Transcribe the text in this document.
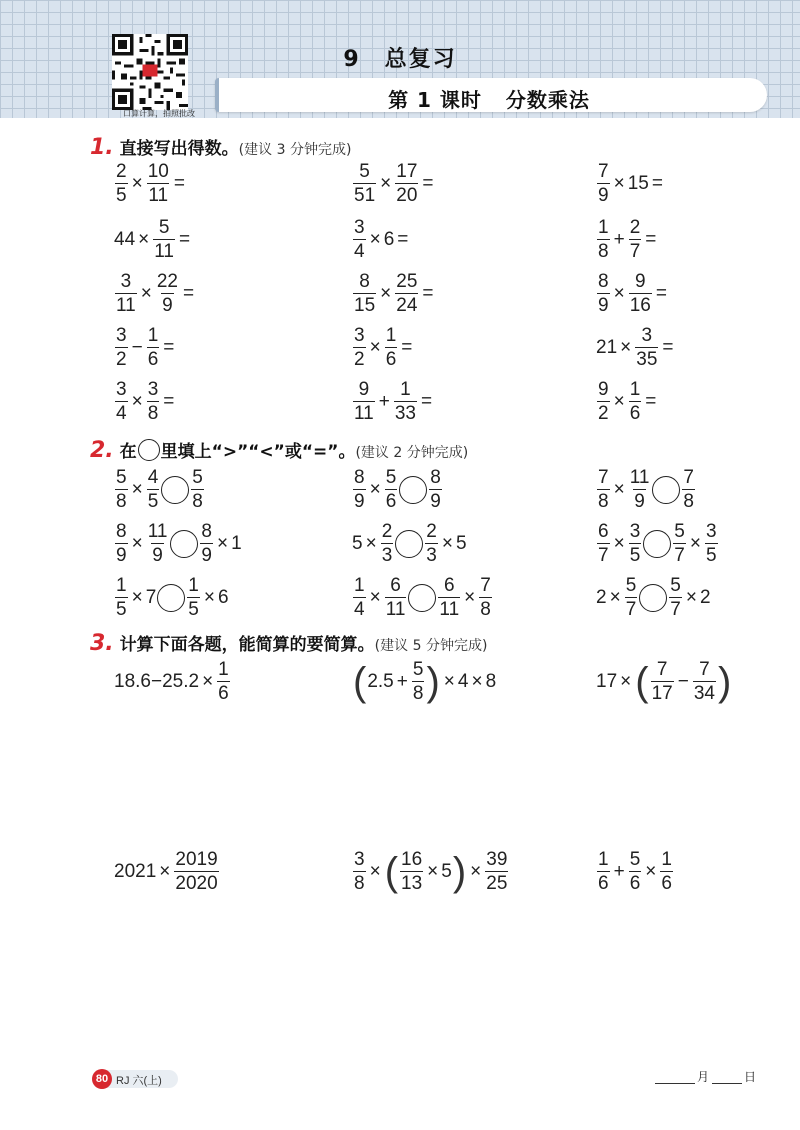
口算计算，拍照批改
9 总复习
第 1 课时 分数乘法
1. 直接写出得数。(建议 3 分钟完成)
2. 在 里填上“>”“<”或“=”。(建议 2 分钟完成)
3. 计算下面各题，能简算的要简算。(建议 5 分钟完成)
$\frac{2}{5} \times \frac{10}{11}$ =	$\frac{5}{51} \times \frac{17}{20}$ =	$\frac{7}{9} \times 15$ =
$44 \times \frac{5}{11}$ =	$\frac{3}{4} \times 6$ =	$\frac{1}{8} + \frac{2}{7}$ =
$\frac{3}{11} \times \frac{22}{9}$ =	$\frac{8}{15} \times \frac{25}{24}$ =	$\frac{8}{9} \times \frac{9}{16}$ =
$\frac{3}{2} - \frac{1}{6}$ =	$\frac{3}{2} \times \frac{1}{6}$ =	$21 \times \frac{3}{35}$ =
$\frac{3}{4} \times \frac{3}{8}$ =	$\frac{9}{11} + \frac{1}{33}$ =	$\frac{9}{2} \times \frac{1}{6}$ =
$\frac{5}{8} \times \frac{4}{5} \frac{5}{8}$	$\frac{8}{9} \times \frac{5}{6} \frac{8}{9}$	$\frac{7}{8} \times \frac{11}{9} \frac{7}{8}$
$\frac{8}{9} \times \frac{11}{9} \frac{8}{9} \times 1$	$5 \times \frac{2}{3} \frac{2}{3} \times 5$	$\frac{6}{7} \times \frac{3}{5} \frac{5}{7} \times \frac{3}{5}$
$\frac{1}{5} \times 7 \frac{1}{5} \times 6$	$\frac{1}{4} \times \frac{6}{11} \frac{6}{11} \times \frac{7}{8}$	$2 \times \frac{5}{7} \frac{5}{7} \times 2$
$18.6-25.2 \times \frac{1}{6}$	( $2.5 + \frac{5}{8}$ ) × 4 × 8	17 × ( $\frac{7}{17} - \frac{7}{34}$ )
$2021 \times \frac{2019}{2020}$	$\frac{3}{8}$ × ( $\frac{16}{13} \times 5$ ) × $\frac{39}{25}$	$\frac{1}{6} + \frac{5}{6} \times \frac{1}{6}$
80 RJ 六(上)	月	日
